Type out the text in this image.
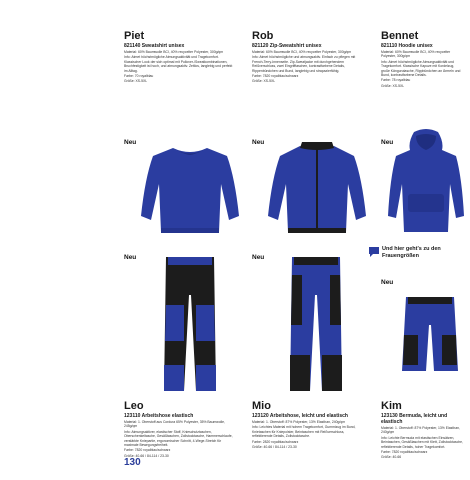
Piet
821140 Sweatshirt unisex
Material: 60% Baumwolle BCI, 40% recycelter Polyester, 300g/qm
Info: Atmet höchstmögliche Atmungsaktivität und Tragekomfort. Klassischer Look der sich optimal mit Pullover-/Sweatkombinationen, Bruchfestigkeit ist hoch, und atmungsaktiv. Zeitlos, langlebig und perfekt im Alltag.
Farbe: 70 royalblau
Größe: XS-5XL
Rob
821120 Zip-Sweatshirt unisex
Material: 60% Baumwolle BCI, 40% recycelter Polyester, 300g/qm
Info: Atmet höchstmögliche und atmungsaktiv. Einfach zu pflegen mit French-Terry-Innenseite. Zip-Sweatjacke mit durchgehendem Reißverschluss, zwei Eingrifftaschen, kontrastfarbene Details, Rippenbündchen und Bund, langlebig und strapazierfähig.
Farbe: 7820 royalblau/schwarz
Größe: XS-5XL
Bennet
821110 Hoodie unisex
Material: 60% Baumwolle BCI, 40% recycelter Polyester, 300g/qm
Info: Atmet höchstmögliche Atmungsaktivität und Tragekomfort. Klassische Kapuze mit Kordelzug, große Kängurutasche, Rippbündchen an Ärmeln und Bund, kontrastfarbene Details.
Farbe: 78 royalblau
Größe: XS-5XL
Neu	Neu	Neu
Neu	Neu
Neu
Und hier geht's zu den Frauengrößen
Leo
123110 Arbeitshose elastisch
Material: 1. Oberstoff aus Cordura 65% Polyester, 35% Baumwolle, 245g/qm
Info: Atmungsaktiver, elastischer Stoff, Knieschutztaschen, Oberschenkeltasche, Gesäßtaschen, Zollstocktasche, Hammerschlaufe, verstärkte Kniepartie, ergonomischer Schnitt, 4-Wege-Stretch für maximale Bewegungsfreiheit.
Farbe: 7820 royalblau/schwarz
Größe: 40-66 / 84-114 / 23-30
Mio
123120 Arbeitshose, leicht und elastisch
Material: 1. Oberstoff: 87% Polyester, 13% Elasthan, 240g/qm
Info: Leichtes Material mit hohem Tragekomfort, Gummizug im Bund, Knietaschen für Kniepolster, Beintaschen mit Reißverschluss, reflektierende Details, Zollstocktasche.
Farbe: 2820 royalblau/schwarz
Größe: 40-66 / 84-114 / 23-30
Kim
123130 Bermuda, leicht und elastisch
Material: 1. Oberstoff: 87% Polyester, 13% Elasthan, 240g/qm
Info: Leichte Bermuda mit elastischen Einsätzen, Beintaschen, Gesäßtaschen mit Klett, Zollstocktasche, reflektierende Details, hoher Tragekomfort.
Farbe: 7820 royalblau/schwarz
Größe: 40-66
130
